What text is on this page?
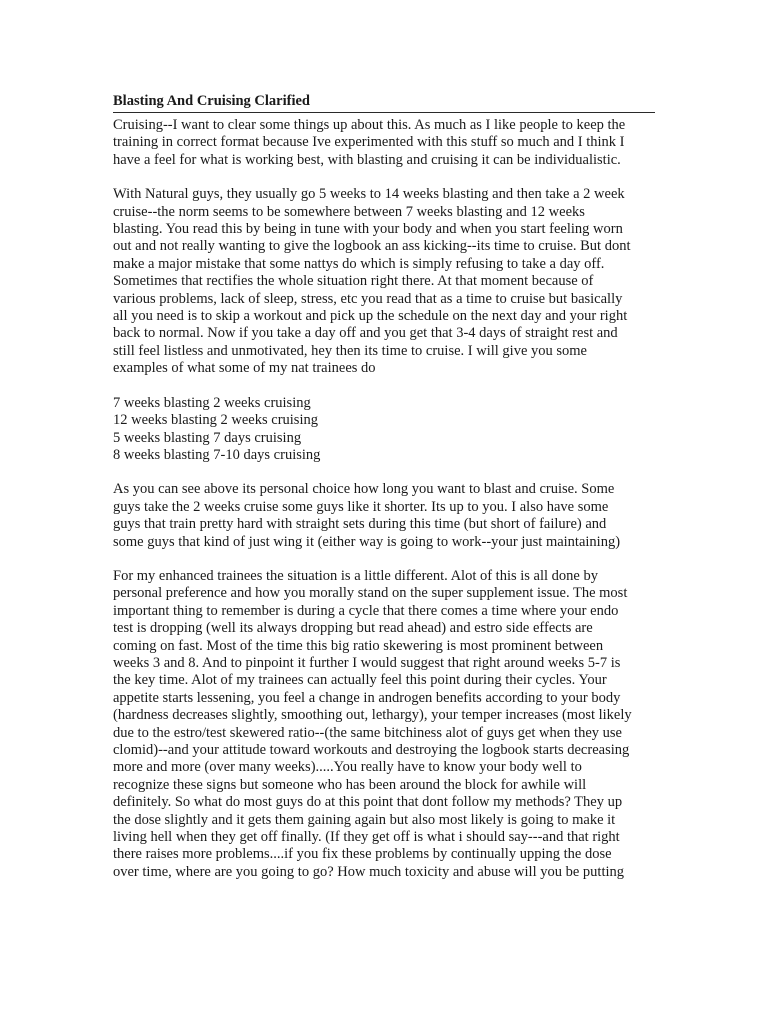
Blasting And Cruising Clarified

Cruising--I want to clear some things up about this. As much as I like people to keep the
training in correct format because Ive experimented with this stuff so much and I think I
have a feel for what is working best, with blasting and cruising it can be individualistic.

With Natural guys, they usually go 5 weeks to 14 weeks blasting and then take a 2 week
cruise--the norm seems to be somewhere between 7 weeks blasting and 12 weeks
blasting. You read this by being in tune with your body and when you start feeling worn
out and not really wanting to give the logbook an ass kicking--its time to cruise. But dont
make a major mistake that some nattys do which is simply refusing to take a day off.
Sometimes that rectifies the whole situation right there. At that moment because of
various problems, lack of sleep, stress, etc you read that as a time to cruise but basically
all you need is to skip a workout and pick up the schedule on the next day and your right
back to normal. Now if you take a day off and you get that 3-4 days of straight rest and
still feel listless and unmotivated, hey then its time to cruise. I will give you some
examples of what some of my nat trainees do

7 weeks blasting 2 weeks cruising
12 weeks blasting 2 weeks cruising
5 weeks blasting 7 days cruising
8 weeks blasting 7-10 days cruising

As you can see above its personal choice how long you want to blast and cruise. Some
guys take the 2 weeks cruise some guys like it shorter. Its up to you. I also have some
guys that train pretty hard with straight sets during this time (but short of failure) and
some guys that kind of just wing it (either way is going to work--your just maintaining)

For my enhanced trainees the situation is a little different. Alot of this is all done by
personal preference and how you morally stand on the super supplement issue. The most
important thing to remember is during a cycle that there comes a time where your endo
test is dropping (well its always dropping but read ahead) and estro side effects are
coming on fast. Most of the time this big ratio skewering is most prominent between
weeks 3 and 8. And to pinpoint it further I would suggest that right around weeks 5-7 is
the key time. Alot of my trainees can actually feel this point during their cycles. Your
appetite starts lessening, you feel a change in androgen benefits according to your body
(hardness decreases slightly, smoothing out, lethargy), your temper increases (most likely
due to the estro/test skewered ratio--(the same bitchiness alot of guys get when they use
clomid)--and your attitude toward workouts and destroying the logbook starts decreasing
more and more (over many weeks).....You really have to know your body well to
recognize these signs but someone who has been around the block for awhile will
definitely. So what do most guys do at this point that dont follow my methods? They up
the dose slightly and it gets them gaining again but also most likely is going to make it
living hell when they get off finally. (If they get off is what i should say---and that right
there raises more problems....if you fix these problems by continually upping the dose
over time, where are you going to go? How much toxicity and abuse will you be putting
